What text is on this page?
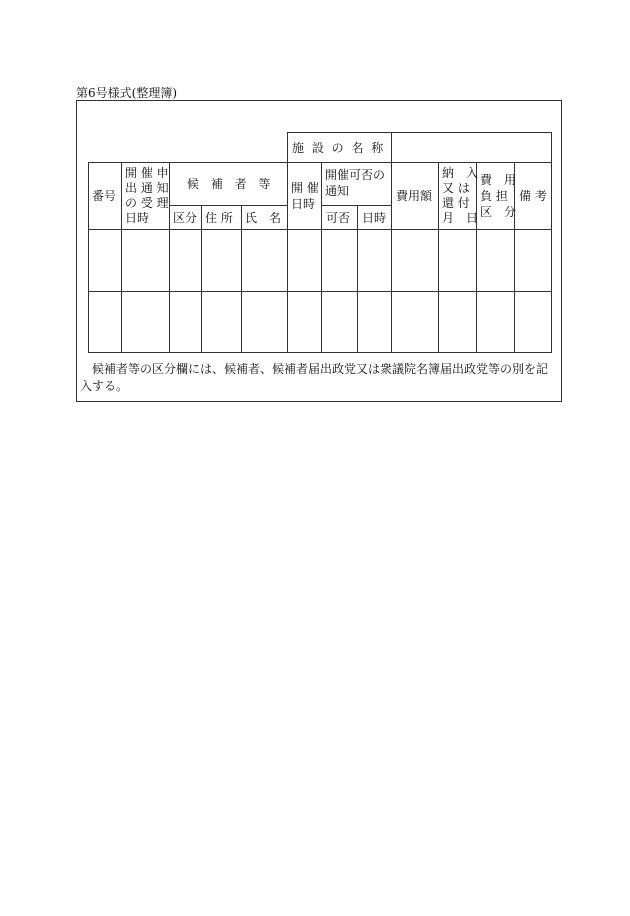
第6号様式(整理簿)
施 設 の 名 称
番号
開 催 申
出 通 知
の 受 理
日時
候 補 者 等
区分 住 所 氏　名
開 催
日時
開催可否の
通知
可否 日時
費用額
納　入
又 は
還 付
月　日
費　用
負 担
区　分
備 考
候補者等の区分欄には、候補者、候補者届出政党又は衆議院名簿届出政党等の別を記入する。
